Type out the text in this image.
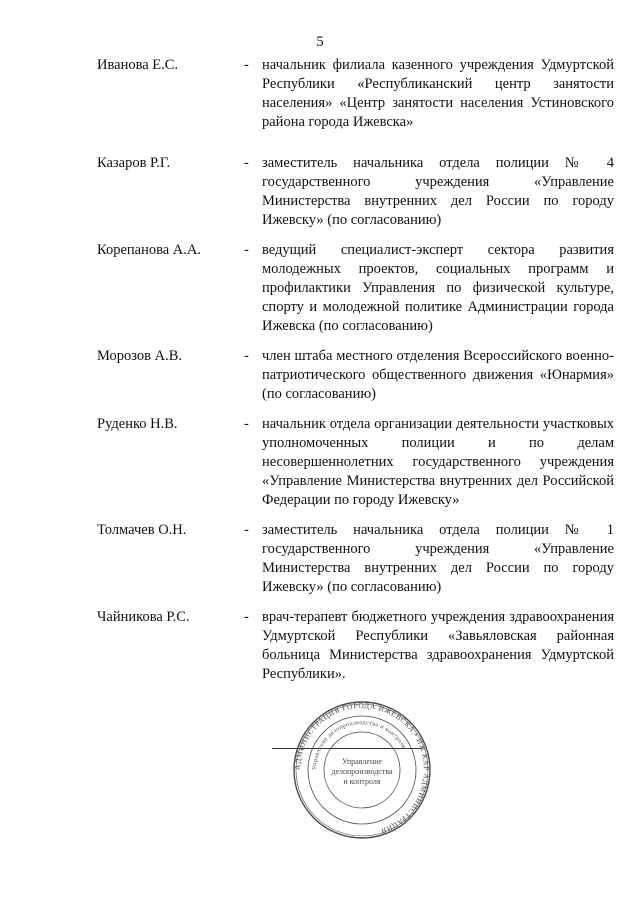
5
Иванова Е.С.	- начальник филиала казенного учреждения Удмуртской Республики «Республиканский центр занятости населения» «Центр занятости населения Устиновского района города Ижевска»
Казаров Р.Г.	- заместитель начальника отдела полиции № 4 государственного учреждения «Управление Министерства внутренних дел России по городу Ижевску» (по согласованию)
Корепанова А.А.	- ведущий специалист-эксперт сектора развития молодежных проектов, социальных программ и профилактики Управления по физической культуре, спорту и молодежной политике Администрации города Ижевска (по согласованию)
Морозов А.В.	- член штаба местного отделения Всероссийского военно-патриотического общественного движения «Юнармия» (по согласованию)
Руденко Н.В.	- начальник отдела организации деятельности участковых уполномоченных полиции и по делам несовершеннолетних государственного учреждения «Управление Министерства внутренних дел Российской Федерации по городу Ижевску»
Толмачев О.Н.	- заместитель начальника отдела полиции № 1 государственного учреждения «Управление Министерства внутренних дел России по городу Ижевску» (по согласованию)
Чайникова Р.С.	- врач-терапевт бюджетного учреждения здравоохранения Удмуртской Республики «Завьяловская районная больница Министерства здравоохранения Удмуртской Республики».
АДМИНИСТРАЦИЯ ГОРОДА ИЖЕВСКА • ИЖ КАР АДМИНИСТРАЦИЯ
Управление делопроизводства и контроля
Управление
делопроизводства
и контроля
